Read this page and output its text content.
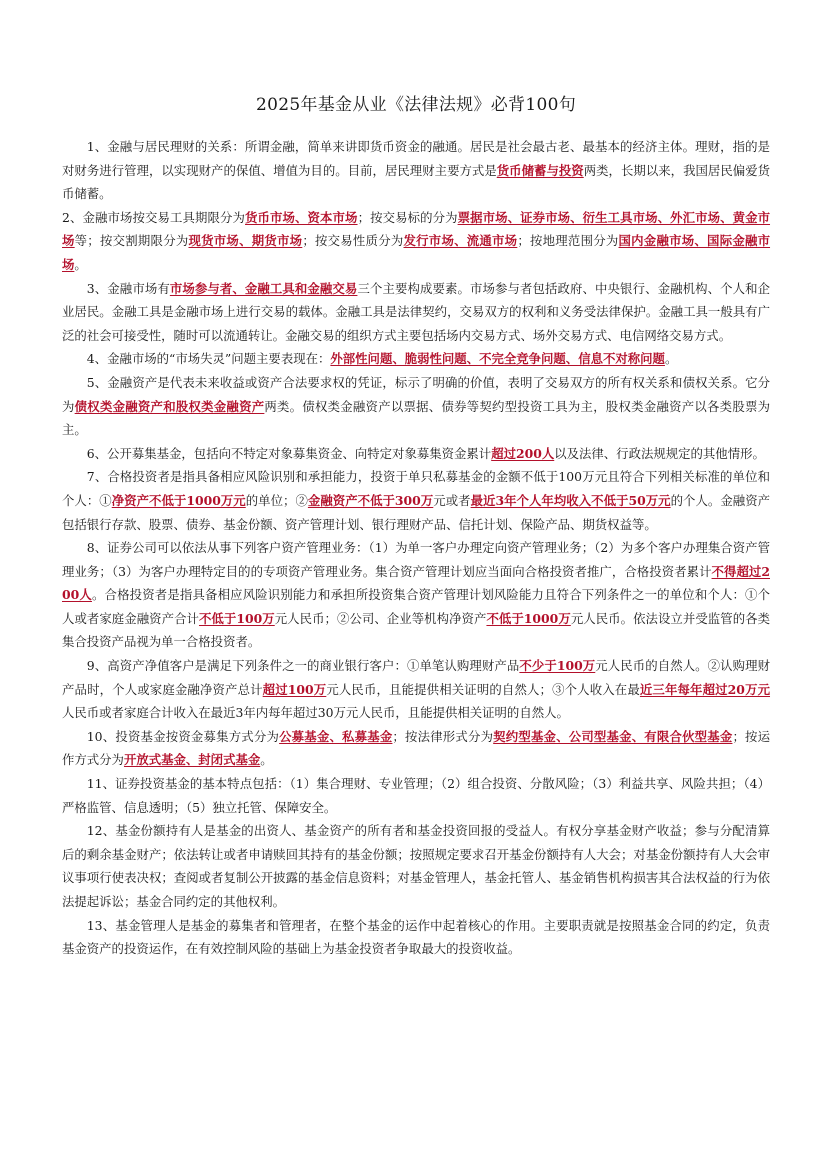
2025年基金从业《法律法规》必背100句

1、金融与居民理财的关系：所谓金融，简单来讲即货币资金的融通。居民是社会最古老、最基本的经济主体。理财，指的是对财务进行管理，以实现财产的保值、增值为目的。目前，居民理财主要方式是货币储蓄与投资两类，长期以来，我国居民偏爱货币储蓄。

2、金融市场按交易工具期限分为货币市场、资本市场；按交易标的分为票据市场、证券市场、衍生工具市场、外汇市场、黄金市场等；按交割期限分为现货市场、期货市场；按交易性质分为发行市场、流通市场；按地理范围分为国内金融市场、国际金融市场。

3、金融市场有市场参与者、金融工具和金融交易三个主要构成要素。市场参与者包括政府、中央银行、金融机构、个人和企业居民。金融工具是金融市场上进行交易的载体。金融工具是法律契约，交易双方的权利和义务受法律保护。金融工具一般具有广泛的社会可接受性，随时可以流通转让。金融交易的组织方式主要包括场内交易方式、场外交易方式、电信网络交易方式。

4、金融市场的“市场失灵”问题主要表现在：外部性问题、脆弱性问题、不完全竞争问题、信息不对称问题。

5、金融资产是代表未来收益或资产合法要求权的凭证，标示了明确的价值，表明了交易双方的所有权关系和债权关系。它分为债权类金融资产和股权类金融资产两类。债权类金融资产以票据、债券等契约型投资工具为主，股权类金融资产以各类股票为主。

6、公开募集基金，包括向不特定对象募集资金、向特定对象募集资金累计超过200人以及法律、行政法规规定的其他情形。

7、合格投资者是指具备相应风险识别和承担能力，投资于单只私募基金的金额不低于100万元且符合下列相关标准的单位和个人：①净资产不低于1000万元的单位；②金融资产不低于300万元或者最近3年个人年均收入不低于50万元的个人。金融资产包括银行存款、股票、债券、基金份额、资产管理计划、银行理财产品、信托计划、保险产品、期货权益等。

8、证券公司可以依法从事下列客户资产管理业务：（1）为单一客户办理定向资产管理业务；（2）为多个客户办理集合资产管理业务；（3）为客户办理特定目的的专项资产管理业务。集合资产管理计划应当面向合格投资者推广，合格投资者累计不得超过200人。合格投资者是指具备相应风险识别能力和承担所投资集合资产管理计划风险能力且符合下列条件之一的单位和个人：①个人或者家庭金融资产合计不低于100万元人民币；②公司、企业等机构净资产不低于1000万元人民币。依法设立并受监管的各类集合投资产品视为单一合格投资者。

9、高资产净值客户是满足下列条件之一的商业银行客户：①单笔认购理财产品不少于100万元人民币的自然人。②认购理财产品时，个人或家庭金融净资产总计超过100万元人民币，且能提供相关证明的自然人；③个人收入在最近三年每年超过20万元人民币或者家庭合计收入在最近3年内每年超过30万元人民币，且能提供相关证明的自然人。

10、投资基金按资金募集方式分为公募基金、私募基金；按法律形式分为契约型基金、公司型基金、有限合伙型基金；按运作方式分为开放式基金、封闭式基金。

11、证券投资基金的基本特点包括：（1）集合理财、专业管理；（2）组合投资、分散风险；（3）利益共享、风险共担；（4）严格监管、信息透明；（5）独立托管、保障安全。

12、基金份额持有人是基金的出资人、基金资产的所有者和基金投资回报的受益人。有权分享基金财产收益；参与分配清算后的剩余基金财产；依法转让或者申请赎回其持有的基金份额；按照规定要求召开基金份额持有人大会；对基金份额持有人大会审议事项行使表决权；查阅或者复制公开披露的基金信息资料；对基金管理人，基金托管人、基金销售机构损害其合法权益的行为依法提起诉讼；基金合同约定的其他权利。

13、基金管理人是基金的募集者和管理者，在整个基金的运作中起着核心的作用。主要职责就是按照基金合同的约定，负责基金资产的投资运作，在有效控制风险的基础上为基金投资者争取最大的投资收益。
